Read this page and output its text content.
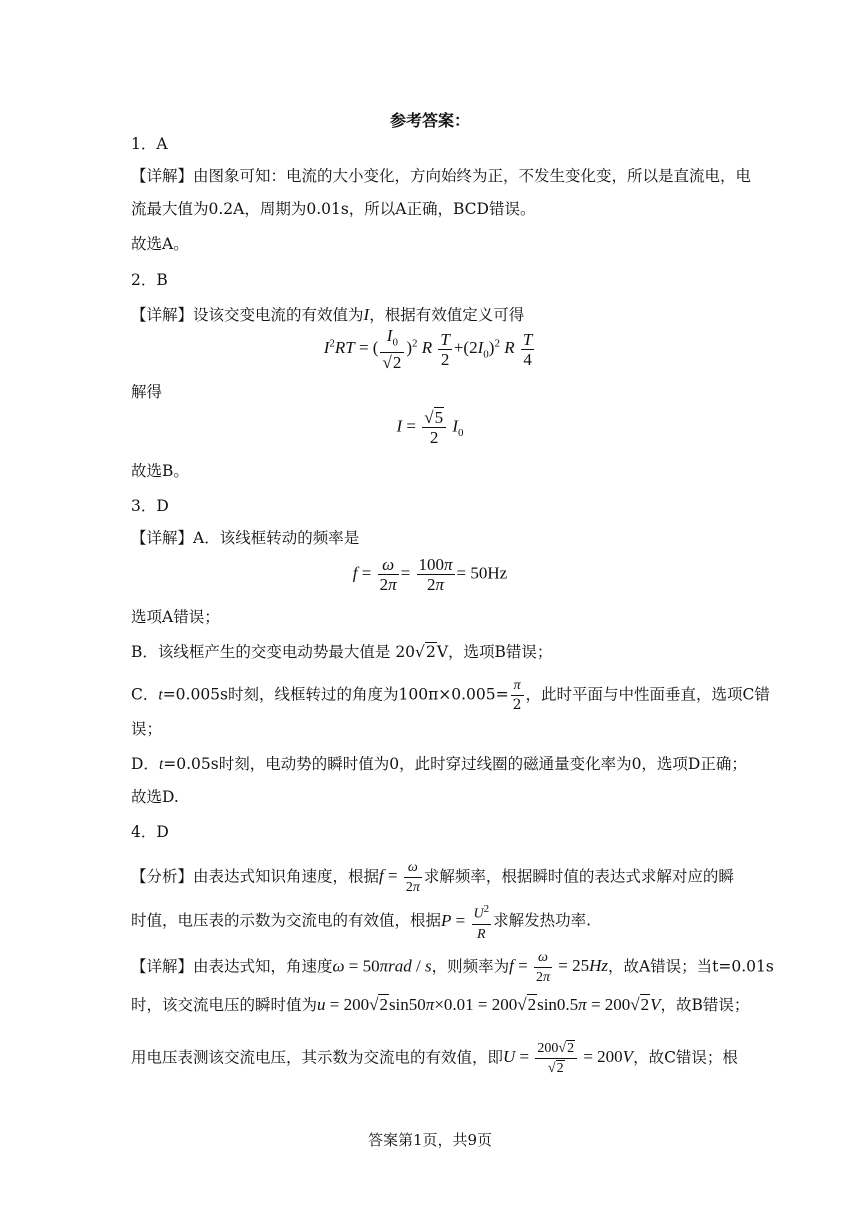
参考答案：
1．A
【详解】由图象可知：电流的大小变化，方向始终为正，不发生变化变，所以是直流电，电
流最大值为0.2A，周期为0.01s，所以A正确，BCD错误。
故选A。
2．B
【详解】设该交变电流的有效值为I，根据有效值定义可得
$I^2RT$ = ( $\frac{I_0}{√2} )^2$ R $\frac{T}{2} +(2I_0)^2$ R $\frac{T}{4}$
解得
$I = \frac{√5}{2} I_0$
故选B。
3．D
【详解】A．该线框转动的频率是
$f = \frac{\omega}{2\pi} = \frac{100\pi}{2\pi} = 50Hz$
选项A错误；
B．该线框产生的交变电动势最大值是 20√2V，选项B错误；
C．t=0.005s时刻，线框转过的角度为$100\pi\times 0.005= \frac{\pi}{2}$ ，此时平面与中性面垂直，选项C错
误；
D．t=0.05s时刻，电动势的瞬时值为0，此时穿过线圈的磁通量变化率为0，选项D正确；
故选D.
4．D
【分析】由表达式知识角速度，根据$f = \frac{\omega}{2\pi}$ 求解频率，根据瞬时值的表达式求解对应的瞬
时值，电压表的示数为交流电的有效值，根据$P = \frac{U^2}{R}$ 求解发热功率.
【详解】由表达式知，角速度ω = 50πrad / s，则频率为$f = \frac{\omega}{2\pi} = 25Hz$，故A错误；当t=0.01s
时，该交流电压的瞬时值为u = 200√2sin50π×0.01 = 200√2sin0.5π = 200√2V，故B错误；
用电压表测该交流电压，其示数为交流电的有效值，即$U = \frac{200√2}{√2} = 200V$，故C错误；根
答案第1页，共9页
